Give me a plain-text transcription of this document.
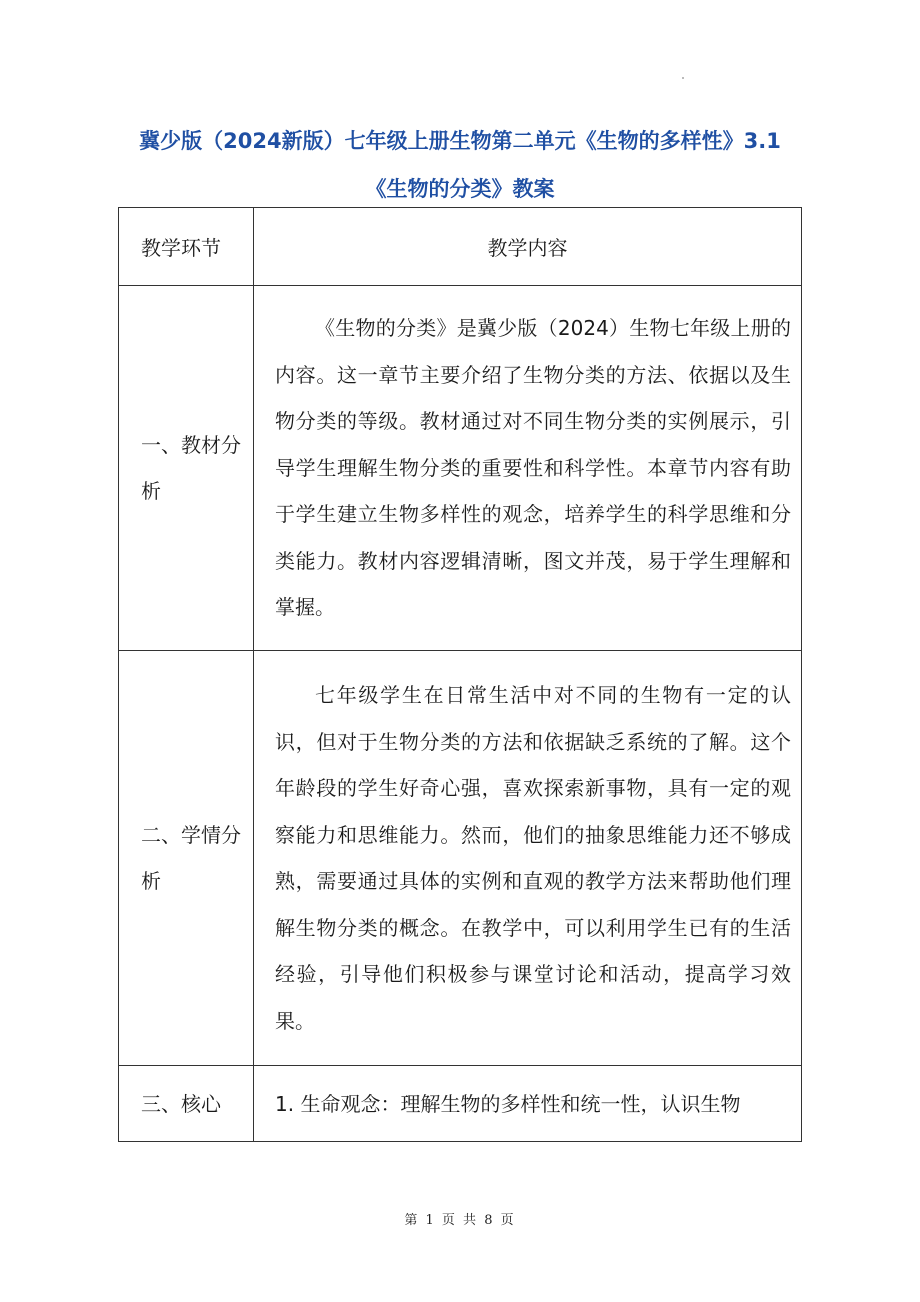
冀少版（2024新版）七年级上册生物第二单元《生物的多样性》3.1
《生物的分类》教案
教学环节	教学内容

一、教材分析	《生物的分类》是冀少版（2024）生物七年级上册的内容。这一章节主要介绍了生物分类的方法、依据以及生物分类的等级。教材通过对不同生物分类的实例展示，引导学生理解生物分类的重要性和科学性。本章节内容有助于学生建立生物多样性的观念，培养学生的科学思维和分类能力。教材内容逻辑清晰，图文并茂，易于学生理解和掌握。

二、学情分析	七年级学生在日常生活中对不同的生物有一定的认识，但对于生物分类的方法和依据缺乏系统的了解。这个年龄段的学生好奇心强，喜欢探索新事物，具有一定的观察能力和思维能力。然而，他们的抽象思维能力还不够成熟，需要通过具体的实例和直观的教学方法来帮助他们理解生物分类的概念。在教学中，可以利用学生已有的生活经验，引导他们积极参与课堂讨论和活动，提高学习效果。

三、核心	1. 生命观念：理解生物的多样性和统一性，认识生物

第 1 页 共 8 页
